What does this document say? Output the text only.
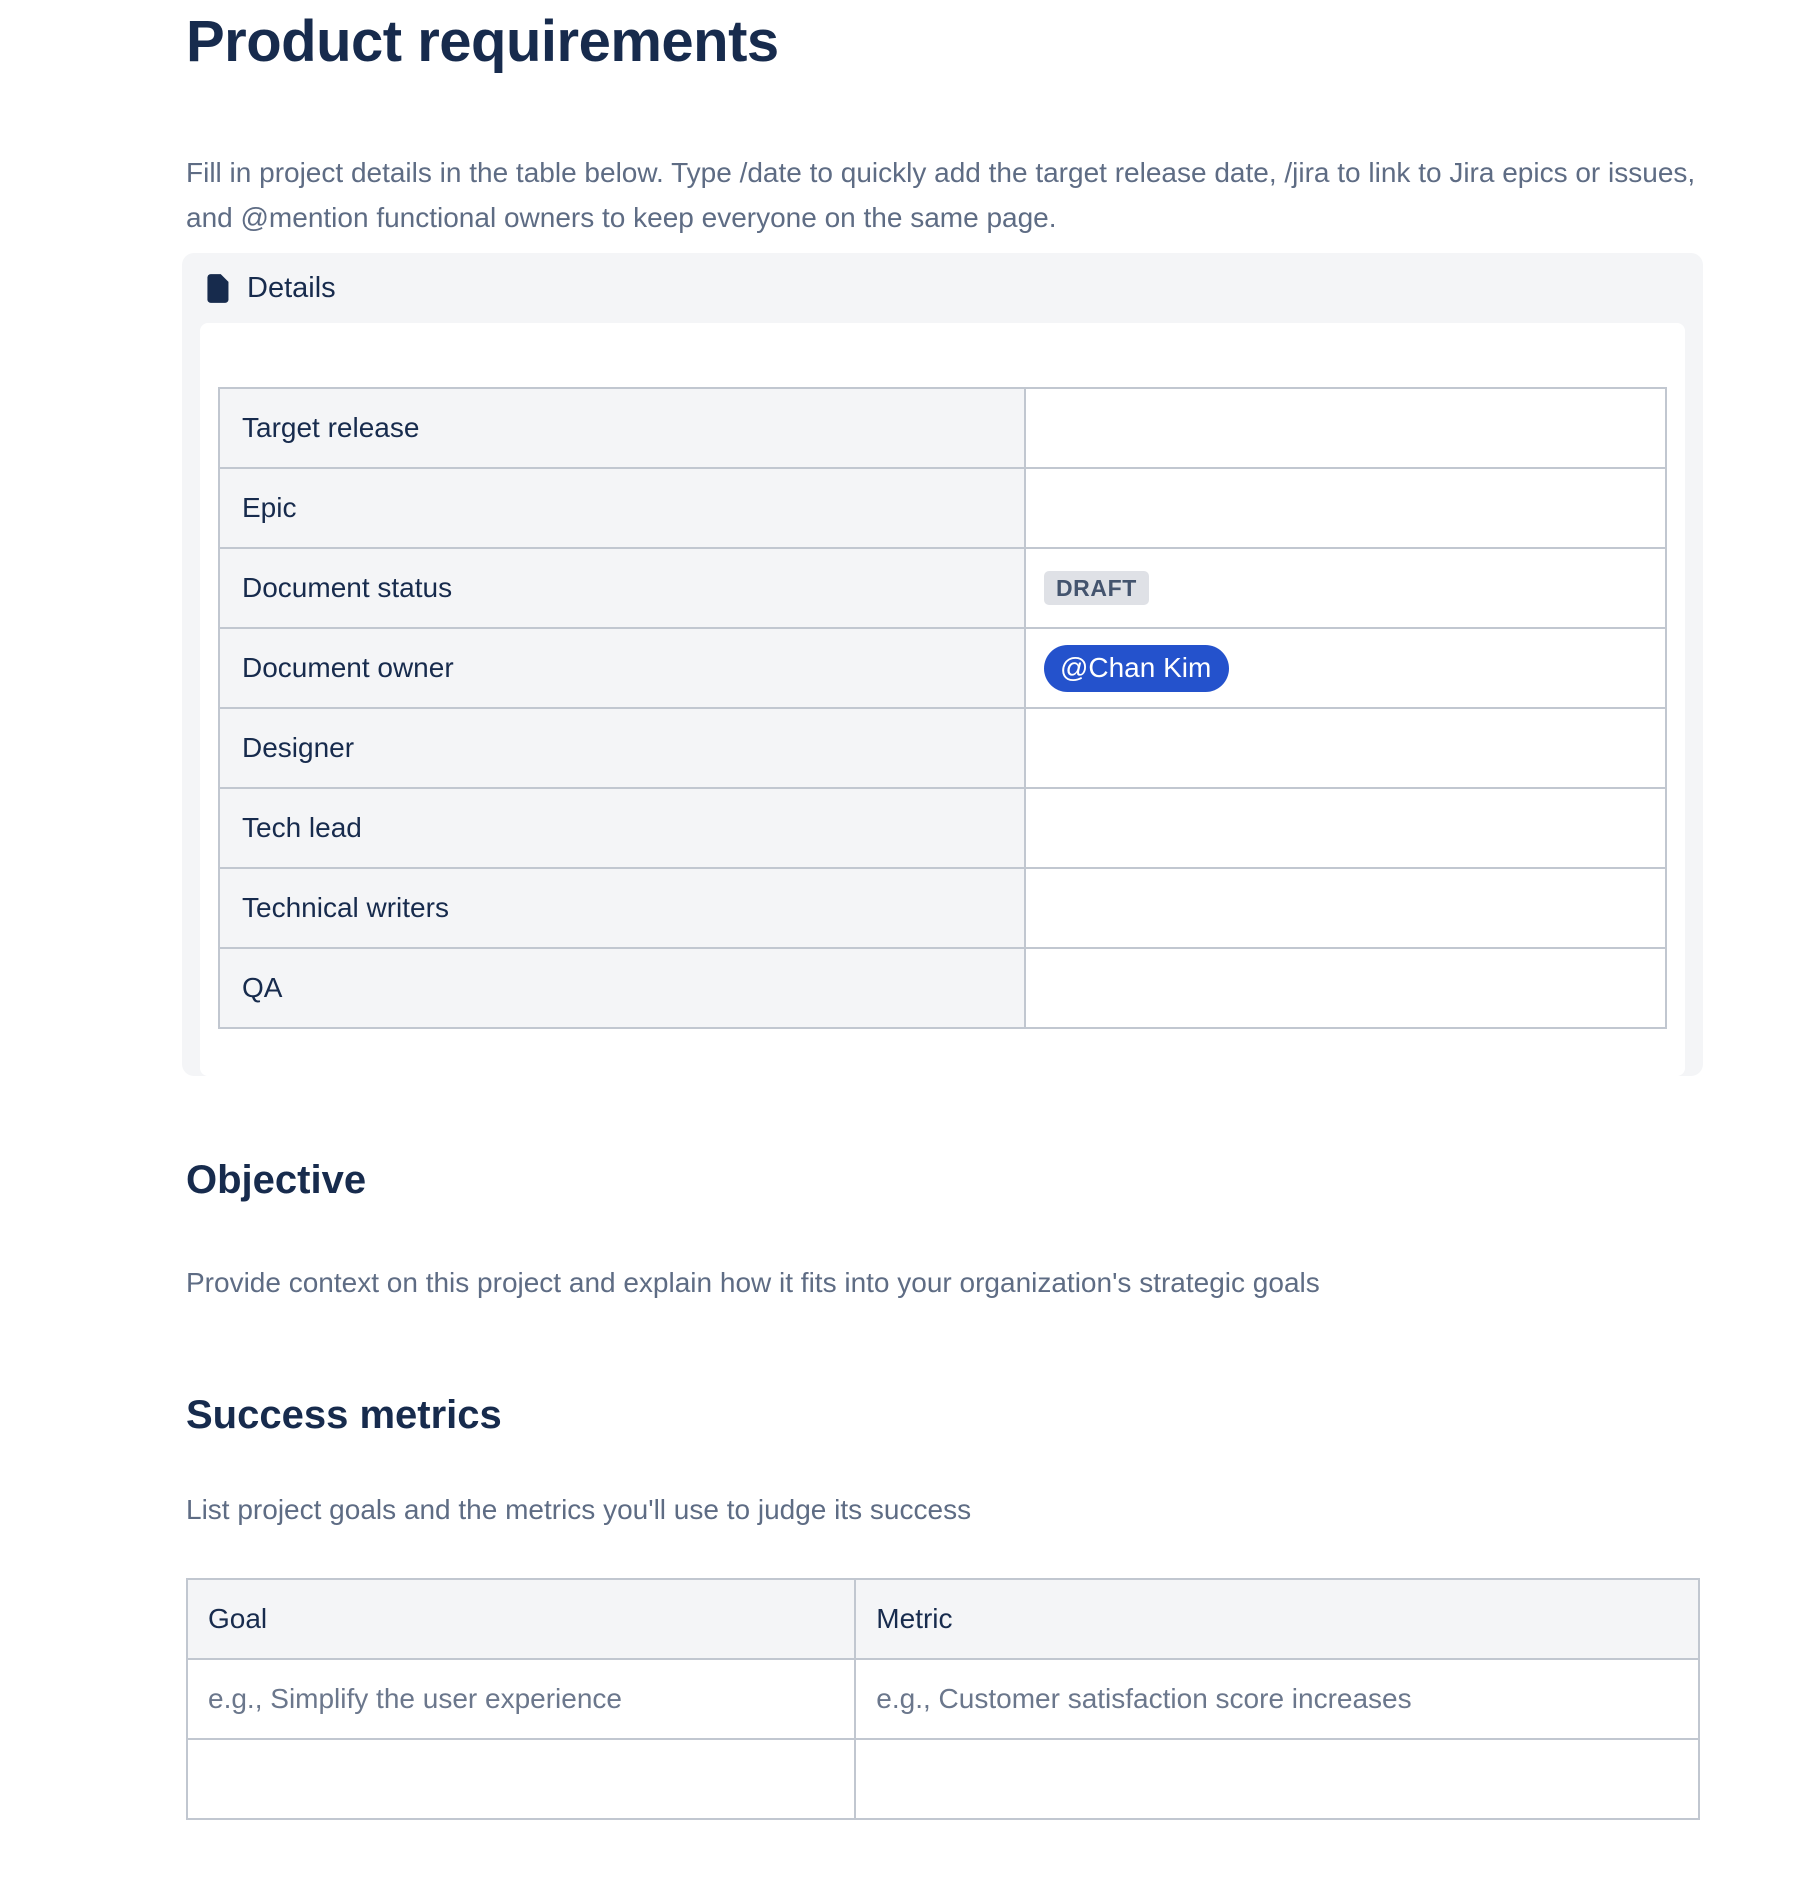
Product requirements

Fill in project details in the table below. Type /date to quickly add the target release date, /jira to link to Jira epics or issues, and @mention functional owners to keep everyone on the same page.

Details
Target release	
Epic	
Document status	DRAFT
Document owner	@Chan Kim
Designer	
Tech lead	
Technical writers	
QA	
Objective

Provide context on this project and explain how it fits into your organization's strategic goals

Success metrics

List project goals and the metrics you'll use to judge its success

Goal	Metric
e.g., Simplify the user experience	e.g., Customer satisfaction score increases
